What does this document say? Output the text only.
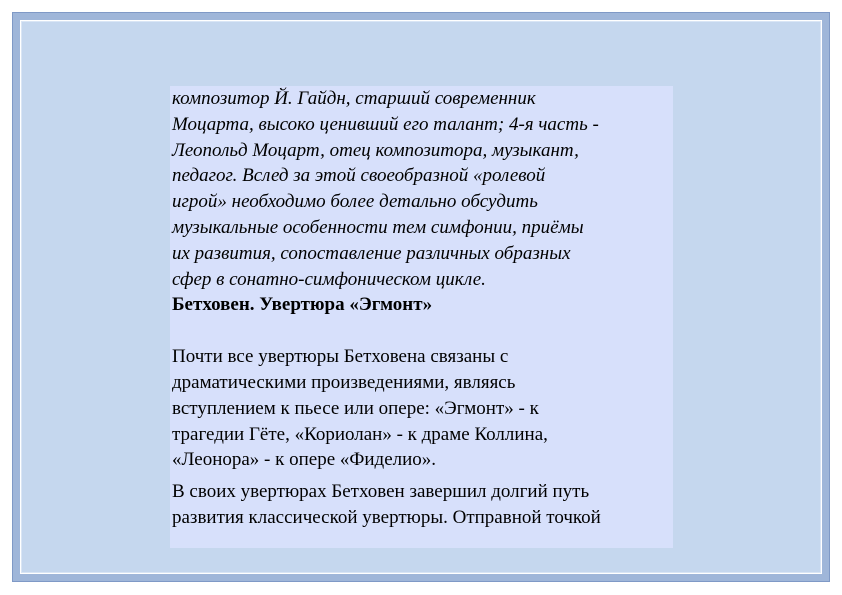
композитор Й. Гайдн, старший современник
Моцарта, высоко ценивший его талант; 4-я часть -
Леопольд Моцарт, отец композитора, музыкант,
педагог. Вслед за этой своеобразной «ролевой
игрой» необходимо более детально обсудить
музыкальные особенности тем симфонии, приёмы
их развития, сопоставление различных образных
сфер в сонатно-симфоническом цикле.

Бетховен. Увертюра «Эгмонт»

Почти все увертюры Бетховена связаны с
драматическими произведениями, являясь
вступлением к пьесе или опере: «Эгмонт» - к
трагедии Гёте, «Кориолан» - к драме Коллина,
«Леонора» - к опере «Фиделио».

В своих увертюрах Бетховен завершил долгий путь
развития классической увертюры. Отправной точкой
